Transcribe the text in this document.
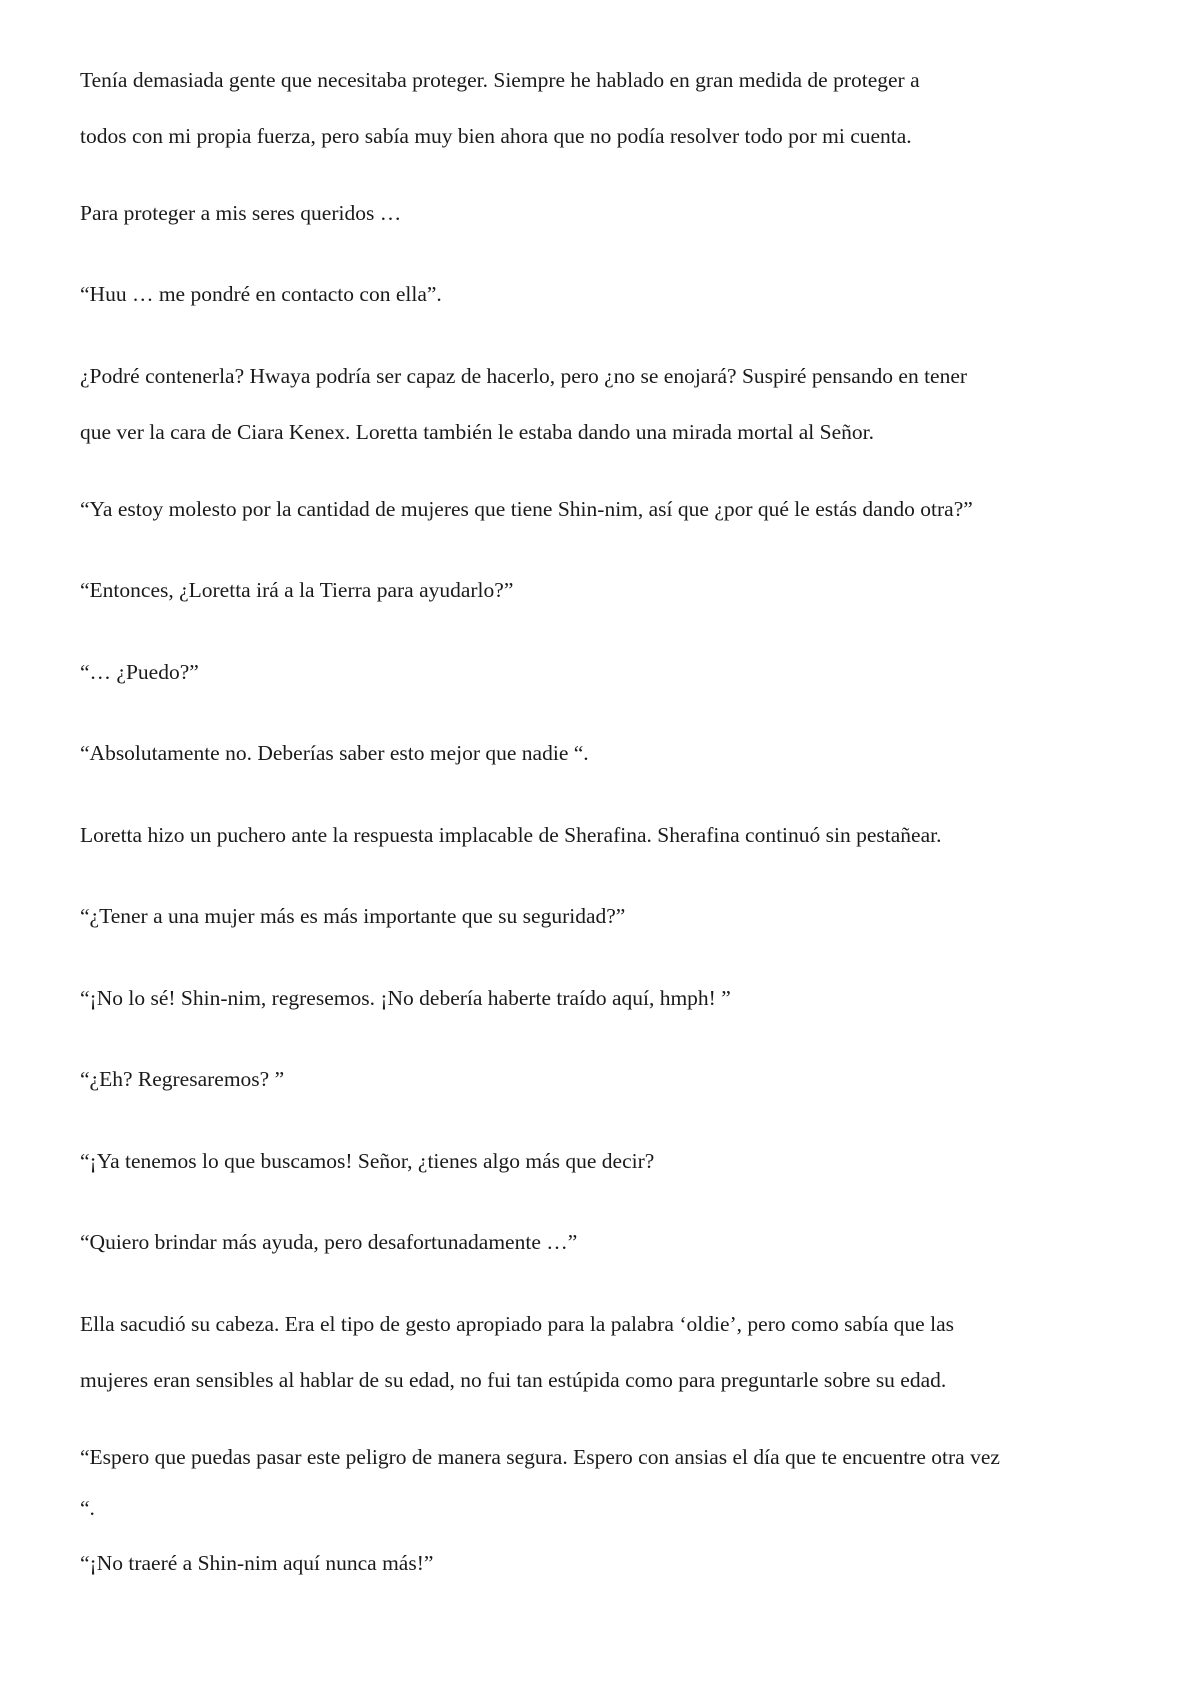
Tenía demasiada gente que necesitaba proteger. Siempre he hablado en gran medida de proteger a

todos con mi propia fuerza, pero sabía muy bien ahora que no podía resolver todo por mi cuenta.

Para proteger a mis seres queridos …

“Huu … me pondré en contacto con ella”.

¿Podré contenerla? Hwaya podría ser capaz de hacerlo, pero ¿no se enojará? Suspiré pensando en tener

que ver la cara de Ciara Kenex. Loretta también le estaba dando una mirada mortal al Señor.

“Ya estoy molesto por la cantidad de mujeres que tiene Shin-nim, así que ¿por qué le estás dando otra?”

“Entonces, ¿Loretta irá a la Tierra para ayudarlo?”

“… ¿Puedo?”

“Absolutamente no. Deberías saber esto mejor que nadie “.

Loretta hizo un puchero ante la respuesta implacable de Sherafina. Sherafina continuó sin pestañear.

“¿Tener a una mujer más es más importante que su seguridad?”

“¡No lo sé! Shin-nim, regresemos. ¡No debería haberte traído aquí, hmph! ”

“¿Eh? Regresaremos? ”

“¡Ya tenemos lo que buscamos! Señor, ¿tienes algo más que decir?

“Quiero brindar más ayuda, pero desafortunadamente …”

Ella sacudió su cabeza. Era el tipo de gesto apropiado para la palabra ‘oldie’, pero como sabía que las

mujeres eran sensibles al hablar de su edad, no fui tan estúpida como para preguntarle sobre su edad.

“Espero que puedas pasar este peligro de manera segura. Espero con ansias el día que te encuentre otra vez

“.

“¡No traeré a Shin-nim aquí nunca más!”
